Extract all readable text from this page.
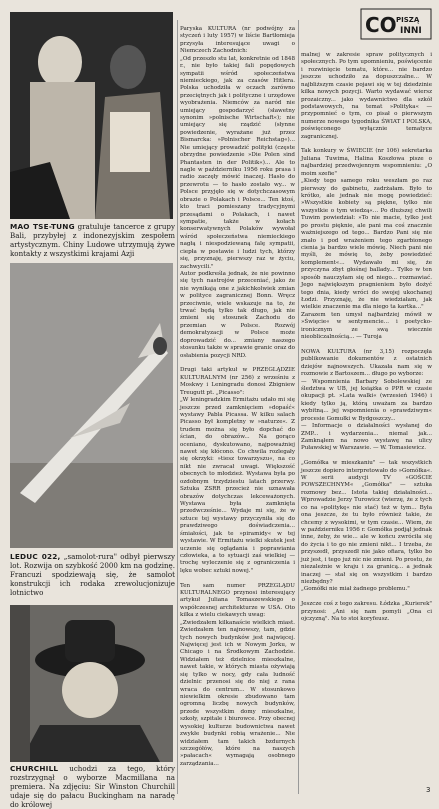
MAO TSE-TUNG gratuluje tancerce z grupy Bali, przybyłej z indonezyjskim zespołem artystycznym. Chiny Ludowe utrzymują żywe kontakty z wszystkimi krajami Azji
LEDUC 022, „samolot-rura" odbył pierwszy lot. Rozwija on szybkość 2000 km na godzinę. Francuzi spodziewają się, że samolot konstrukcji ich rodaka zrewolucjonizuje lotnictwo
CHURCHILL uchodzi za tego, który rozstrzygnął o wyborze Macmillana na premiera. Na zdjęciu: Sir Winston Churchill udaje się do pałacu Buckingham na naradę do królowej
Paryska KULTURA (nr podwójny za styczeń i luty 1957) w liście Bartłomieja przysyła interesujące uwagi o Niemczech Zachodnich:
„Od przeszło stu lat, konkretnie od 1848 r., nie było takiej fali popędowych sympatii wśród społeczeństwa niemieckiego, jak za czasów Hitlera. Polska uchodziła w oczach zarówno przeciętnych jak i polityczne i urzędowe wyobrażenia. Niemców za naród nie umiejący gospodarzyć (sławetny synonim »polnische Wirtschaft«); nie umiejący się rządzić (słynne powiedzenie, wyrażane już przez Bismarcka: »Polnischer Reichstag«)... Nie umiejący prowadzić polityki (częste obrzydne powiedzenie »Die Polen sind Phantasten in der Politik«)... Ale to nagle w październiku 1956 roku prasa i radio zaczęły mówić inaczej. Hasło do przewrotu — to hasło zostało wy... w Polsce przyjęło się w dotychczasowym obrazie o Polakach i Polsce... Ten ktoś, kto traci pomieszany tradycyjnymi przesądami o Polakach, i nawet sympatie, także w kołach konserwatywnych Polaków wywołał wśród społeczeństwa niemieckiego nagłą i niespodziewaną falę sympatii, ciepła w postawie i ludzi tych, którzy się, przyznaję, pierwszy raz w życiu, zachwycili."
Autor podkreśla jednak, że nie powinno się tych nastrojów przeceniać, jako że nie wynikają one z jakichkolwiek zmian w polityce zagranicznej Bonn. Wręcz przeciwnie, wiele wskazuje na to, że trwać będą tylko tak długo, jak nie zmieni się stosunek Zachodu do przemian w Polsce. Rozwój demokratyzacji w Polsce może doprowadzić do... zmiany naszego stosunku także w sprawie granic oraz do osłabienia pozycji NRD.

Drugi taki artykuł w PRZEGLĄDZIE KULTURALNYM (nr 256) z wrześniu z Moskwy i Leningradu donosi Zbigniew Treugutt pt. „Picasso":
„W leningradzkim Ermitażu udało mi się jeszcze przed zamknięciem »dopaść« wystawy Pabla Picassa. W kilku salach Picasso był kompletny w »naturze«. Z trudem można się było dopchać do ścian, do obrazów... Na gorąco oceniano, dyskutowano, najpoważniej nawet się kłócono. Co chwila rozlegały się okrzyki: »tiesz towarzyszu«, na co nikt nie zwracał uwagi. Większość obecnych to młodzież. Wystawa była po ozdobnym trzydziestu latach przerwy. Sztuka ZSRR przecież nie uznawała obrazów dotychczas lekceważonych. Wystawa była zamknięta przedwcześnie... Wydaje mi się, że w sztuce tej wystawy przyczyniła się do prawdziwego doświadczenia... śmiałości, jak te »piramidy« w tej wystawie. W Ermitażu wielki skutek jest uczenie się oglądania i poprawiania człowieka, a to sytuacji zaś wielkiej — trochę wyleczenie się z ograniczenia i lęku wobec sztuki nowej."

Ten sam numer PRZEGLĄDU KULTURALNEGO przynosi interesujący artykuł Juliana Tomaszewskiego o współczesnej architekturze w USA. Oto kilka z wielu ciekawych uwag:
„Zwiedzałem kilkanaście wielkich miast. Zwiedzałem ten najnowszy, tam, gdzie tych nowych budynków jest najwięcej. Najwięcej jest ich w Nowym Jorku, w Chicago i na Środkowym Zachodzie. Widziałem też dzielnice mieszkalne, nawet takie, w których miasta ożywiają się tylko w nocy, gdy cała ludność dzielnic przenosi się do niej z rana wraca do centrum... W stosunkowo niewielkim okresie zbudowano tam ogromną liczbę nowych budynków, przede wszystkim domy mieszkalne, szkoły, szpitale i biurowce. Przy obecnej wysokiej kulturze budownictwa nawet zwykłe budynki robią wrażenie... Nie widziałem tam takich bzdurnych szczegółów, które na naszych »pałacach« wymagają osobnego zarządzania...
CO PISZĄ
INNI
malnej w zakresie spraw politycznych i społecznych. Po tym upomnieniu, poświęcenie i rozwinięcie tematu, które... nie bardzo jeszcze uchodziło za dopuszczalne... W najbliższym czasie pojawi się w tej dziedzinie kilka nowych pozycji. Warto wydawać wiersz prozaiczny... jako wydawnictwo dla szkół podstawowych, na temat »Polityka« — przypomnieć o tym, co pisał o pierwszym numerze nowego tygodnika ŚWIAT I POLSKA, poświęconego wyłącznie tematyce zagranicznej.

Tak konkury w ŚWIECIE (nr 106) sekretarka Juliana Tuwima, Halina Koszłowa pisze o najbardziej przedwojennym wspomnieniu: „O moim szefie"
„Kiedy tego samego roku weszłam po raz pierwszy do gabinetu, zadrżałam. Było to krótko, ale jednak nie mogę powiedzieć: »Wszystkie kobiety są piękne, tylko nie wszystkie o tym wiedzą«... Po dłuższej chwili Tuwim powiedział: »To nie macie, tylko jest po prostu pięknie, ale pani ma coś znacznie ważniejszego od tego... Bardzo Pani się nie znało i pod wrażeniem tego zgarbionego cienia ja bardzo wiele mówię. Niech pani nie myśli, że mówię to, żeby powiedzieć komplement«... Wydawało mi się, że przyczyna zbyt głośnej ballady... Tylko w ten sposób nauczyłam się od niego... rozmawiać. Jego największym pragnieniem było dożyć tego dnia, kiedy wróci do swojej ukochanej Łodzi. Przyznaję, że nie wiedziałam, jak wielkie znaczenie ma dla niego ta kartka..."
Zarazem ten umysł najbardziej mówił w »Święcie« w sentymencie... i poetycko-ironicznym ze swą wiecznie nieobliczalnością... — Turoja

NOWA KULTURA (nr 3,15) rozpoczęła publikowanie dokumentów z ostatnich dziejów najnowszych. Ukazała nam się w rozmowie z Bartoszem... długo po wyborze:
— Wspomnienia Barbary Sobolewskiej ze śledztwa w UB, jej książka o PPR w czasie okupacji pt. »Lata walki« (wrzesień 1946) i kiedy tylko ją, którą uważam za bardzo wybitną... jej wspomnienia o »prawdziwym« procesie Gomułki w Bydgoszczy...
— Informacje o działalności wysłanej do ZMP... i wydarzenia... niemal jak... Zamknąłem na nowo wystawę na ulicy Puławskiej w Warszawie. — W. Tomasiewicz.

„Gomółka w mieszkaniu" — tak wszystkich jeszcze dopiero interpretowało do »Gomółka«. W serii audycji TV »GOŚCIE POWSZECHNYM« „Gomółka" — sztuka rozmowy bez... Istota takiej działalności... Wprowadzie Jerzy Turowicz (wierzę, że z tych co na »politykę« nie stać) też w tym... Była ona jeszcze, że tu było również takie, że chcemy z wysokimi, w tym czasie... Wiem, że w październiku 1956 r. Gomółka podjął jednak inne, żeby, że wie... ale w końcu zwróciła się do życia i to go nie zmieni nikt... I trzeba, że przyszedł, przyszedł nie jako ofiara, tylko bo już jest, i tego już nic nie zmieni. Po prostu, że niezależnie w kraju i za granicą... a jednak inaczej — stał się on wszystkim i bardzo niezbędny?
„Gomółki nie miał żadnego problemu."

Jeszcze coś z tego zakresu. Łódzka „Kurierek" przynosi: „Ani się nam pomyli „Ona ci ojczyzną". Na to stoi koryfeusz.
3
